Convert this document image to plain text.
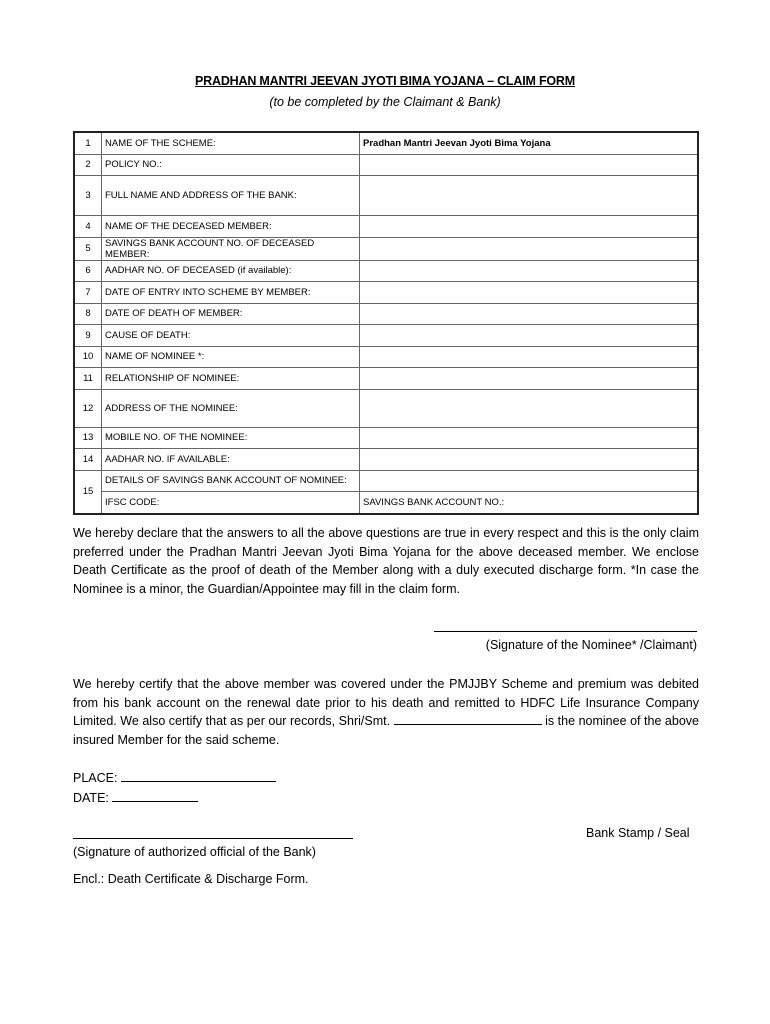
PRADHAN MANTRI JEEVAN JYOTI BIMA YOJANA – CLAIM FORM
(to be completed by the Claimant & Bank)
1	NAME OF THE SCHEME:	Pradhan Mantri Jeevan Jyoti Bima Yojana
2	POLICY NO.:	
3	FULL NAME AND ADDRESS OF THE BANK:	
4	NAME OF THE DECEASED MEMBER:	
5	SAVINGS BANK ACCOUNT NO. OF DECEASED MEMBER:	
6	AADHAR NO. OF DECEASED (if available):	
7	DATE OF ENTRY INTO SCHEME BY MEMBER:	
8	DATE OF DEATH OF MEMBER:	
9	CAUSE OF DEATH:	
10	NAME OF NOMINEE *:	
11	RELATIONSHIP OF NOMINEE:	
12	ADDRESS OF THE NOMINEE:	
13	MOBILE NO. OF THE NOMINEE:	
14	AADHAR NO. IF AVAILABLE:	
15	DETAILS OF SAVINGS BANK ACCOUNT OF NOMINEE:	
	IFSC CODE:	SAVINGS BANK ACCOUNT NO.:
We hereby declare that the answers to all the above questions are true in every respect and this is the only claim preferred under the Pradhan Mantri Jeevan Jyoti Bima Yojana for the above deceased member. We enclose Death Certificate as the proof of death of the Member along with a duly executed discharge form. *In case the Nominee is a minor, the Guardian/Appointee may fill in the claim form.
(Signature of the Nominee* /Claimant)
We hereby certify that the above member was covered under the PMJJBY Scheme and premium was debited from his bank account on the renewal date prior to his death and remitted to HDFC Life Insurance Company Limited. We also certify that as per our records, Shri/Smt.	is the nominee of the above insured Member for the said scheme.
PLACE:
DATE:
Bank Stamp / Seal
(Signature of authorized official of the Bank)
Encl.: Death Certificate & Discharge Form.
